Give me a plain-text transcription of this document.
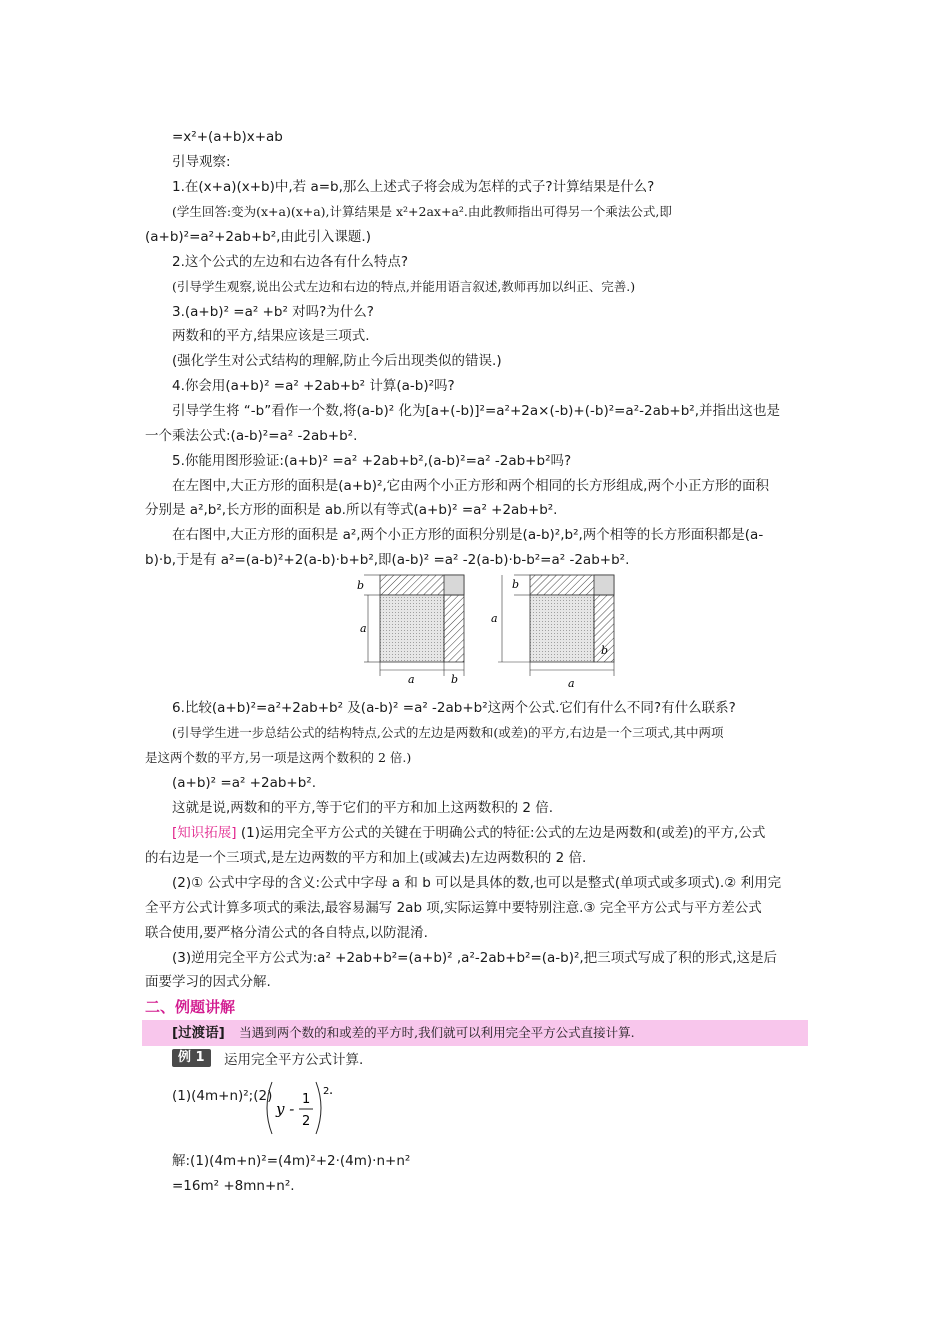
=x²+(a+b)x+ab
引导观察:
1.在(x+a)(x+b)中,若 a=b,那么上述式子将会成为怎样的式子?计算结果是什么?
(学生回答:变为(x+a)(x+a),计算结果是 x²+2ax+a².由此教师指出可得另一个乘法公式,即
(a+b)²=a²+2ab+b²,由此引入课题.)
2.这个公式的左边和右边各有什么特点?
(引导学生观察,说出公式左边和右边的特点,并能用语言叙述,教师再加以纠正、完善.)
3.(a+b)² =a² +b² 对吗?为什么?
两数和的平方,结果应该是三项式.
(强化学生对公式结构的理解,防止今后出现类似的错误.)
4.你会用(a+b)² =a² +2ab+b² 计算(a-b)²吗?
引导学生将 “-b”看作一个数,将(a-b)² 化为[a+(-b)]²=a²+2a×(-b)+(-b)²=a²-2ab+b²,并指出这也是
一个乘法公式:(a-b)²=a² -2ab+b².
5.你能用图形验证:(a+b)² =a² +2ab+b²,(a-b)²=a² -2ab+b²吗?
在左图中,大正方形的面积是(a+b)²,它由两个小正方形和两个相同的长方形组成,两个小正方形的面积
分别是 a²,b²,长方形的面积是 ab.所以有等式(a+b)² =a² +2ab+b².
在右图中,大正方形的面积是 a²,两个小正方形的面积分别是(a-b)²,b²,两个相等的长方形面积都是(a-
b)·b,于是有 a²=(a-b)²+2(a-b)·b+b²,即(a-b)² =a² -2(a-b)·b-b²=a² -2ab+b².
a
b
a	b
b
a
b
a
6.比较(a+b)²=a²+2ab+b² 及(a-b)² =a² -2ab+b²这两个公式.它们有什么不同?有什么联系?
(引导学生进一步总结公式的结构特点,公式的左边是两数和(或差)的平方,右边是一个三项式,其中两项
是这两个数的平方,另一项是这两个数积的 2 倍.)
(a+b)² =a² +2ab+b².
这就是说,两数和的平方,等于它们的平方和加上这两数积的 2 倍.
[知识拓展] (1)运用完全平方公式的关键在于明确公式的特征:公式的左边是两数和(或差)的平方,公式
的右边是一个三项式,是左边两数的平方和加上(或减去)左边两数积的 2 倍.
(2)① 公式中字母的含义:公式中字母 a 和 b 可以是具体的数,也可以是整式(单项式或多项式).② 利用完
全平方公式计算多项式的乘法,最容易漏写 2ab 项,实际运算中要特别注意.③ 完全平方公式与平方差公式
联合使用,要严格分清公式的各自特点,以防混淆.
(3)逆用完全平方公式为:a² +2ab+b²=(a+b)² ,a²-2ab+b²=(a-b)²,把三项式写成了积的形式,这是后
面要学习的因式分解.
二、例题讲解
[过渡语] 当遇到两个数的和或差的平方时,我们就可以利用完全平方公式直接计算.
例 1	运用完全平方公式计算.
(1)(4m+n)²;(2)
y -
1
2
2 .
解:(1)(4m+n)²=(4m)²+2·(4m)·n+n²
=16m² +8mn+n².
